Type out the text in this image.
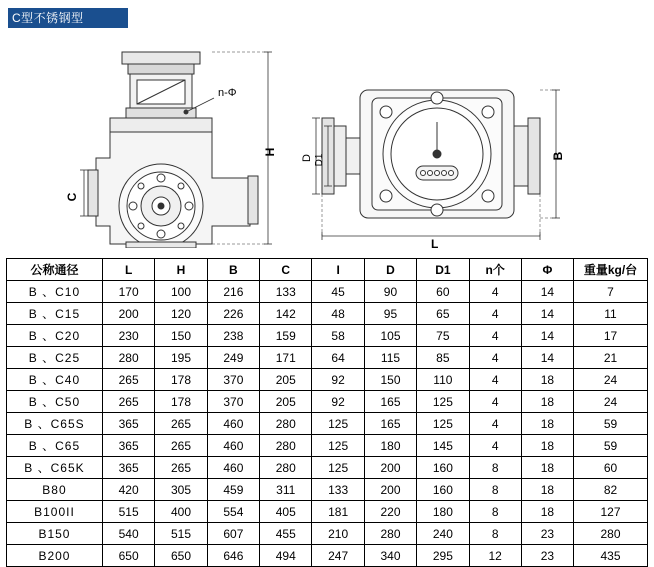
C型不锈钢型
H
C
n-Φ
D D1	B
L
公称通径	L	H	B	C	I	D	D1	n个	Φ	重量kg/台
B 、C10	170	100	216	133	45	90	60	4	14	7
B 、C15	200	120	226	142	48	95	65	4	14	11
B 、C20	230	150	238	159	58	105	75	4	14	17
B 、C25	280	195	249	171	64	115	85	4	14	21
B 、C40	265	178	370	205	92	150	110	4	18	24
B 、C50	265	178	370	205	92	165	125	4	18	24
B 、C65S	365	265	460	280	125	165	125	4	18	59
B 、C65	365	265	460	280	125	180	145	4	18	59
B 、C65K	365	265	460	280	125	200	160	8	18	60
B80	420	305	459	311	133	200	160	8	18	82
B100II	515	400	554	405	181	220	180	8	18	127
B150	540	515	607	455	210	280	240	8	23	280
B200	650	650	646	494	247	340	295	12	23	435
